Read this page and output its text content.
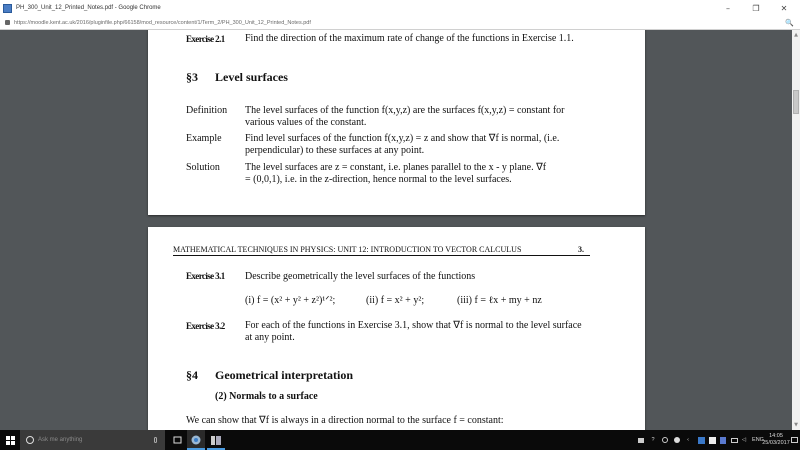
PH_300_Unit_12_Printed_Notes.pdf - Google Chrome	–	❐	✕
https://moodle.kent.ac.uk/2016/pluginfile.php/66158/mod_resource/content/1/Term_2/PH_300_Unit_12_Printed_Notes.pdf	🔍
Exercise 2.1 Find the direction of the maximum rate of change of the functions in Exercise 1.1.
§3 Level surfaces
Definition The level surfaces of the function f(x,y,z) are the surfaces f(x,y,z) = constant for
various values of the constant.
Example Find level surfaces of the function f(x,y,z) = z and show that ∇f is normal, (i.e.
perpendicular) to these surfaces at any point.
Solution	The level surfaces are z = constant, i.e. planes parallel to the x - y plane. ∇f
= (0,0,1), i.e. in the z-direction, hence normal to the level surfaces.
MATHEMATICAL TECHNIQUES IN PHYSICS: UNIT 12: INTRODUCTION TO VECTOR CALCULUS	3.
Exercise 3.1 Describe geometrically the level surfaces of the functions
(i) f = (x² + y² + z²)¹ᐟ²;	(ii) f = x² + y²;	(iii) f = ℓx + my + nz
Exercise 3.2 For each of the functions in Exercise 3.1, show that ∇f is normal to the level surface
at any point.
§4 Geometrical interpretation
(2) Normals to a surface
We can show that ∇f is always in a direction normal to the surface f = constant:
▲
▼
Ask me anything	?	‹	◁ ENG
14:05
25/03/2017
